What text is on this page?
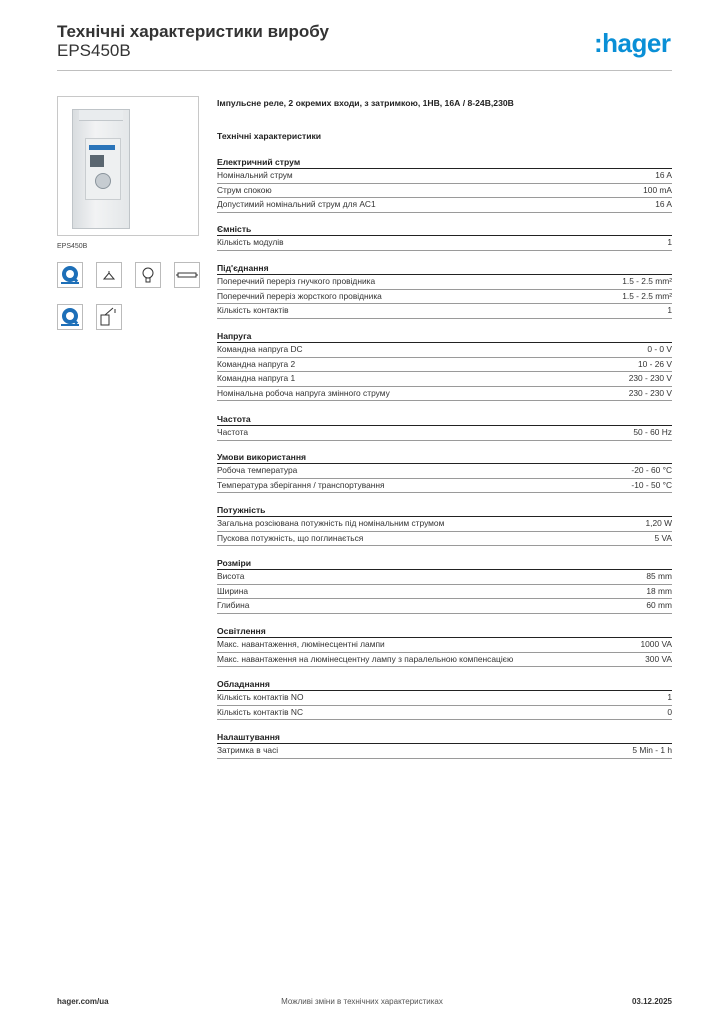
Технічні характеристики виробу
EPS450B	:hager
EPS450B
Імпульсне реле, 2 окремих входи, з затримкою, 1НВ, 16А / 8-24В,230В
Технічні характеристики
Електричний струм
Номінальний струм	16 A
Струм спокою	100 mA
Допустимий номінальний струм для AC1	16 A
Ємність
Кількість модулів	1
Під'єднання
Поперечний переріз гнучкого провідника	1.5 - 2.5 mm²
Поперечний переріз жорсткого провідника	1.5 - 2.5 mm²
Кількість контактів	1
Напруга
Командна напруга DC	0 - 0 V
Командна напруга 2	10 - 26 V
Командна напруга 1	230 - 230 V
Номінальна робоча напруга змінного струму	230 - 230 V
Частота
Частота	50 - 60 Hz
Умови використання
Робоча температура	-20 - 60 °C
Температура зберігання / транспортування	-10 - 50 °C
Потужність
Загальна розсіювана потужність під номінальним струмом	1,20 W
Пускова потужність, що поглинається	5 VA
Розміри
Висота	85 mm
Ширина	18 mm
Глибина	60 mm
Освітлення
Макс. навантаження, люмінесцентні лампи	1000 VA
Макс. навантаження на люмінесцентну лампу з паралельною компенсацією	300 VA
Обладнання
Кількість контактів NO	1
Кількість контактів NC	0
Налаштування
Затримка в часі	5 Min - 1 h
hager.com/ua	Можливі зміни в технічних характеристиках	03.12.2025
